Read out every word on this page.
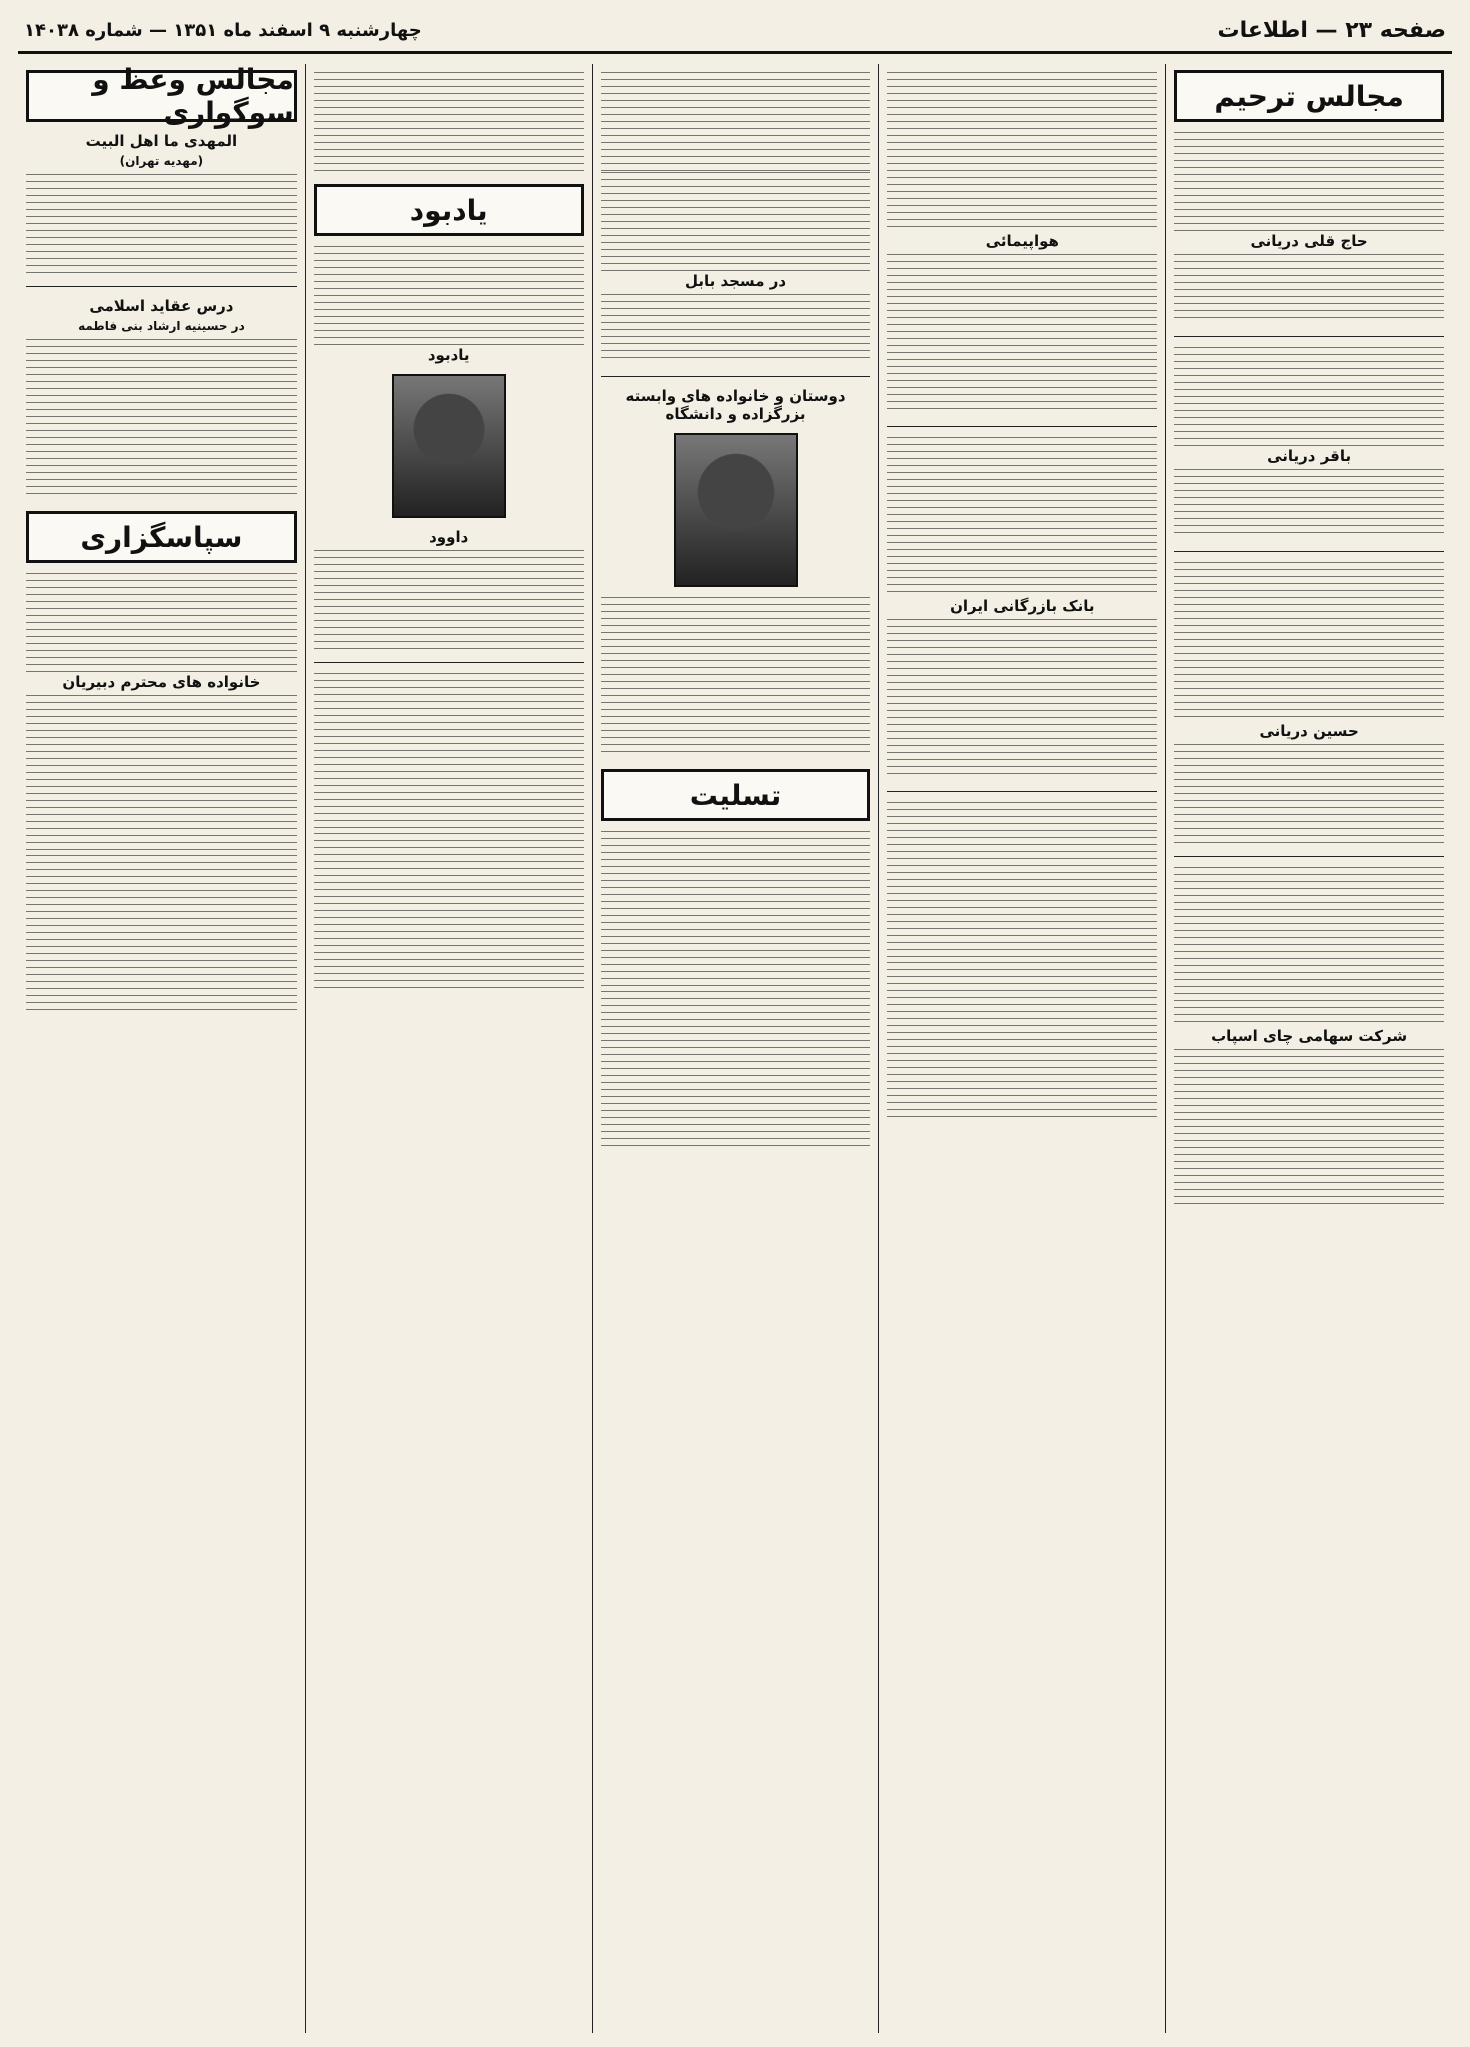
صفحه ۲۳ — اطلاعات
چهارشنبه ۹ اسفند ماه ۱۳۵۱ — شماره ۱۴۰۳۸
مجالس ترحیم
حاج قلی دریانی
باقر دریانی
حسین دریانی
شرکت سهامی چای اسپاب
هواپیمائی
بانک بازرگانی ایران
در مسجد بابل
دوستان و خانواده های وابسته بزرگزاده و دانشگاه
تسلیت
یادبود
یادبود
داوود
مجالس وعظ و سوگواری
المهدی ما اهل البیت
(مهدیه تهران)
درس عقاید اسلامی
در حسینیه ارشاد بنی فاطمه
سپاسگزاری
خانواده های محترم دبیریان
